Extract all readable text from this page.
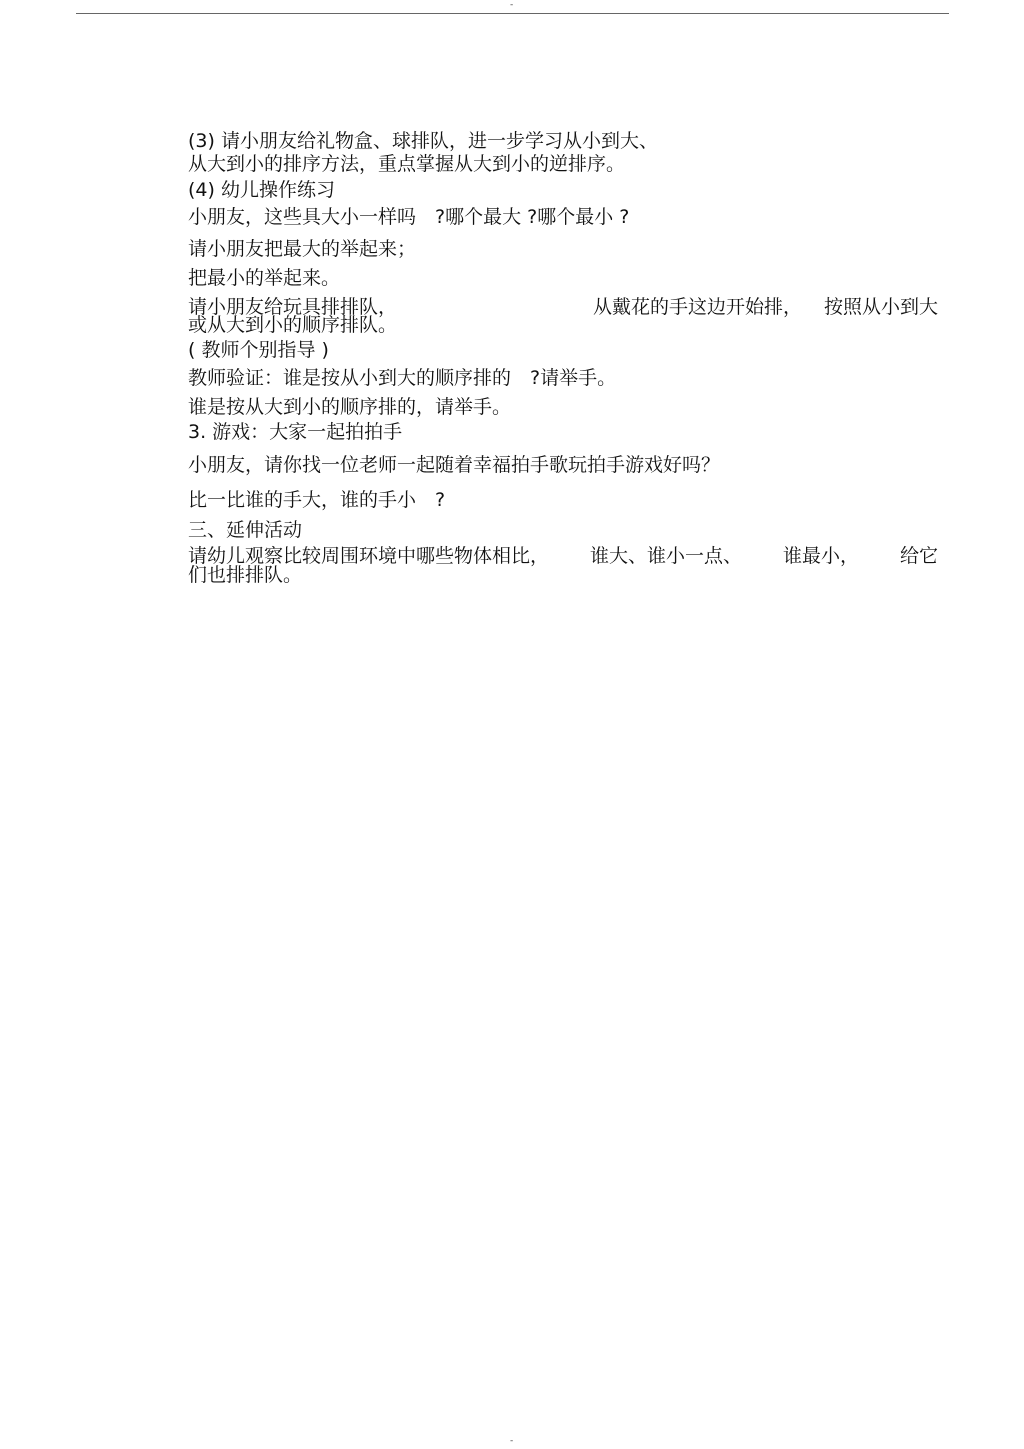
-
(3) 请小朋友给礼物盒、球排队，进一步学习从小到大、
从大到小的排序方法，重点掌握从大到小的逆排序。
(4) 幼儿操作练习
小朋友，这些具大小一样吗　?哪个最大 ?哪个最小 ?
请小朋友把最大的举起来；
把最小的举起来。
请小朋友给玩具排排队，	从戴花的手这边开始排， 按照从小到大
或从大到小的顺序排队。
( 教师个别指导 )
教师验证：谁是按从小到大的顺序排的　?请举手。
谁是按从大到小的顺序排的，请举手。
3. 游戏：大家一起拍拍手
小朋友，请你找一位老师一起随着幸福拍手歌玩拍手游戏好吗？
比一比谁的手大，谁的手小　?
三、延伸活动
请幼儿观察比较周围环境中哪些物体相比， 谁大、谁小一点、 谁最小， 给它
们也排排队。
-
